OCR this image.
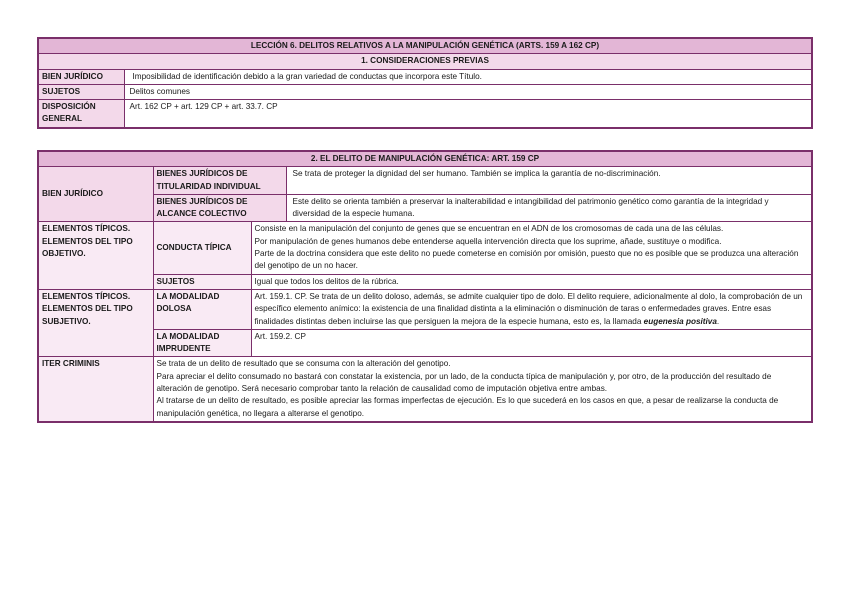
LECCIÓN 6. DELITOS RELATIVOS A LA MANIPULACIÓN GENÉTICA (ARTS. 159 A 162 CP)	
1. CONSIDERACIONES PREVIAS	
BIEN JURÍDICO	Imposibilidad de identificación debido a la gran variedad de conductas que incorpora este Título.
SUJETOS	Delitos comunes
DISPOSICIÓN GENERAL	Art. 162 CP + art. 129 CP + art. 33.7. CP
2. EL DELITO DE MANIPULACIÓN GENÉTICA: ART. 159 CP			
BIEN JURÍDICO	BIENES JURÍDICOS DE TITULARIDAD INDIVIDUAL		Se trata de proteger la dignidad del ser humano. También se implica la garantía de no-discriminación.
	BIENES JURÍDICOS DE ALCANCE COLECTIVO		Este delito se orienta también a preservar la inalterabilidad e intangibilidad del patrimonio genético como garantía de la integridad y diversidad de la especie humana.
ELEMENTOS TÍPICOS. ELEMENTOS DEL TIPO OBJETIVO.	CONDUCTA TÍPICA	Consiste en la manipulación del conjunto de genes que se encuentran en el ADN de los cromosomas de cada una de las células.

Por manipulación de genes humanos debe entenderse aquella intervención directa que los suprime, añade, sustituye o modifica.

Parte de la doctrina considera que este delito no puede cometerse en comisión por omisión, puesto que no es posible que se produzca una alteración del genotipo de un no hacer.	

	SUJETOS	Igual que todos los delitos de la rúbrica.	
ELEMENTOS TÍPICOS. ELEMENTOS DEL TIPO SUBJETIVO.	LA MODALIDAD DOLOSA	Art. 159.1. CP. Se trata de un delito doloso, además, se admite cualquier tipo de dolo. El delito requiere, adicionalmente al dolo, la comprobación de un específico elemento anímico: la existencia de una finalidad distinta a la eliminación o disminución de taras o enfermedades graves. Entre esas finalidades distintas deben incluirse las que persiguen la mejora de la especie humana, esto es, la llamada eugenesia positiva.	
	LA MODALIDAD IMPRUDENTE	Art. 159.2. CP	
ITER CRIMINIS	Se trata de un delito de resultado que se consuma con la alteración del genotipo.

Para apreciar el delito consumado no bastará con constatar la existencia, por un lado, de la conducta típica de manipulación y, por otro, de la producción del resultado de alteración de genotipo. Será necesario comprobar tanto la relación de causalidad como de imputación objetiva entre ambas.

Al tratarse de un delito de resultado, es posible apreciar las formas imperfectas de ejecución. Es lo que sucederá en los casos en que, a pesar de realizarse la conducta de manipulación genética, no llegara a alterarse el genotipo.		
